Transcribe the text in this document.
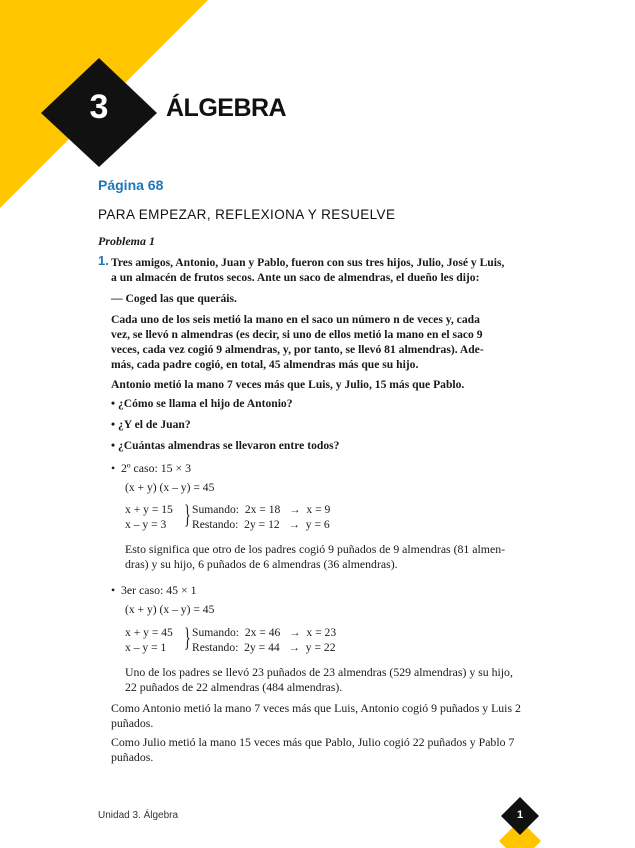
3	ÁLGEBRA
Página 68
PARA EMPEZAR, REFLEXIONA Y RESUELVE
Problema 1
1. Tres amigos, Antonio, Juan y Pablo, fueron con sus tres hijos, Julio, José y Luis,
a un almacén de frutos secos. Ante un saco de almendras, el dueño les dijo:
— Coged las que queráis.
Cada uno de los seis metió la mano en el saco un número n de veces y, cada
vez, se llevó n almendras (es decir, si uno de ellos metió la mano en el saco 9
veces, cada vez cogió 9 almendras, y, por tanto, se llevó 81 almendras). Ade-
más, cada padre cogió, en total, 45 almendras más que su hijo.
Antonio metió la mano 7 veces más que Luis, y Julio, 15 más que Pablo.
• ¿Cómo se llama el hijo de Antonio?
• ¿Y el de Juan?
• ¿Cuántas almendras se llevaron entre todos?
•  2º caso: 15 × 3
(x + y) (x – y) = 45
x + y = 15
x – y = 3 } Sumando:  2x = 18   →  x = 9
Restando:  2y = 12   →  y = 6
Esto significa que otro de los padres cogió 9 puñados de 9 almendras (81 almen-
dras) y su hijo, 6 puñados de 6 almendras (36 almendras).
•  3er caso: 45 × 1
(x + y) (x – y) = 45
x + y = 45
x – y = 1 } Sumando:  2x = 46   →  x = 23
Restando:  2y = 44   →  y = 22
Uno de los padres se llevó 23 puñados de 23 almendras (529 almendras) y su hijo,
22 puñados de 22 almendras (484 almendras).
Como Antonio metió la mano 7 veces más que Luis, Antonio cogió 9 puñados y Luis 2
puñados.
Como Julio metió la mano 15 veces más que Pablo, Julio cogió 22 puñados y Pablo 7
puñados.
Unidad 3. Álgebra	1
